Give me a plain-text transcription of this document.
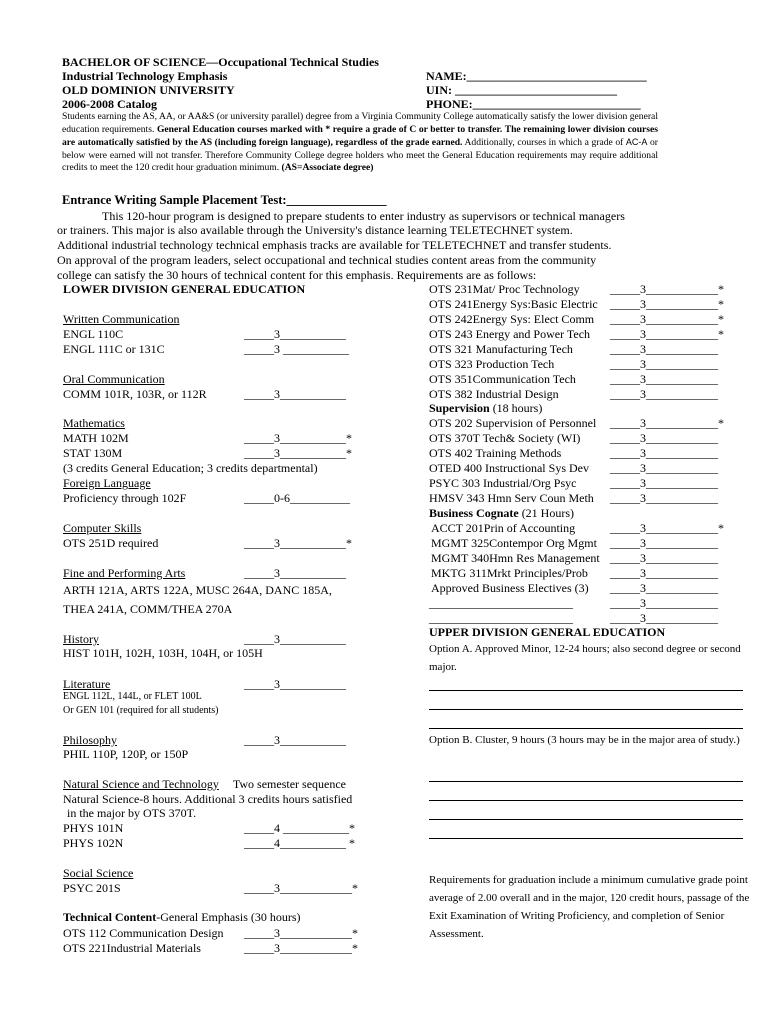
BACHELOR OF SCIENCE—Occupational Technical Studies
Industrial Technology Emphasis
OLD DOMINION UNIVERSITY
2006-2008 Catalog
NAME:______________________________
UIN: ___________________________
PHONE:____________________________
Students earning the AS, AA, or AA&S (or university parallel) degree from a Virginia Community College automatically satisfy the lower division general education requirements. General Education courses marked with * require a grade of C or better to transfer. The remaining lower division courses are automatically satisfied by the AS (including foreign language), regardless of the grade earned. Additionally, courses in which a grade of AC-A or below were earned will not transfer. Therefore Community College degree holders who meet the General Education requirements may require additional credits to meet the 120 credit hour graduation minimum. (AS=Associate degree)
Entrance Writing Sample Placement Test:________________
This 120-hour program is designed to prepare students to enter industry as supervisors or technical managers
or trainers. This major is also available through the University's distance learning TELETECHNET system.
Additional industrial technology technical emphasis tracks are available for TELETECHNET and transfer students.
On approval of the program leaders, select occupational and technical studies content areas from the community
college can satisfy the 30 hours of technical content for this emphasis. Requirements are as follows:
LOWER DIVISION GENERAL EDUCATION
Written Communication
ENGL 110C	_____3___________
ENGL 111C or 131C	_____3 ___________
Oral Communication
COMM 101R, 103R, or 112R	_____3___________
Mathematics
MATH 102M	_____3___________*
STAT 130M	_____3___________*
(3 credits General Education; 3 credits departmental)
Foreign Language
Proficiency through 102F	_____0-6__________
Computer Skills
OTS 251D required	_____3___________*
Fine and Performing Arts	_____3___________
ARTH 121A, ARTS 122A, MUSC 264A, DANC 185A,
THEA 241A, COMM/THEA 270A
History	_____3___________
HIST 101H, 102H, 103H, 104H, or 105H
Literature	_____3___________
ENGL 112L, 144L, or FLET 100L
Or GEN 101 (required for all students)
Philosophy	_____3___________
PHIL 110P, 120P, or 150P
Natural Science and Technology Two semester sequence
Natural Science-8 hours. Additional 3 credits hours satisfied
in the major by OTS 370T.
PHYS 101N	_____4 ___________*
PHYS 102N	_____4___________ *
Social Science
PSYC 201S	_____3____________*
Technical Content-General Emphasis (30 hours)
OTS 112 Communication Design _____3____________*
OTS 221Industrial Materials	_____3____________*
OTS 231Mat/ Proc Technology	_____3____________*
OTS 241Energy Sys:Basic Electric _____3____________*
OTS 242Energy Sys: Elect Comm _____3____________*
OTS 243 Energy and Power Tech _____3____________*
OTS 321 Manufacturing Tech	_____3____________
OTS 323 Production Tech	_____3____________
OTS 351Communication Tech	_____3____________
OTS 382 Industrial Design	_____3____________
Supervision (18 hours)
OTS 202 Supervision of Personnel _____3____________*
OTS 370T Tech& Society (WI) _____3____________
OTS 402 Training Methods	_____3____________
OTED 400 Instructional Sys Dev _____3____________
PSYC 303 Industrial/Org Psyc	_____3____________
HMSV 343 Hmn Serv Coun Meth _____3____________
Business Cognate (21 Hours)
ACCT 201Prin of Accounting	_____3____________*
MGMT 325Contempor Org Mgmt _____3____________
MGMT 340Hmn Res Management _____3____________
MKTG 311Mrkt Principles/Prob _____3____________
Approved Business Electives (3) _____3____________
________________________	_____3____________
________________________	_____3____________
UPPER DIVISION GENERAL EDUCATION
Option A. Approved Minor, 12-24 hours; also second degree or second major.
Option B. Cluster, 9 hours (3 hours may be in the major area of study.)
Requirements for graduation include a minimum cumulative grade point average of 2.00 overall and in the major, 120 credit hours, passage of the Exit Examination of Writing Proficiency, and completion of Senior Assessment.
